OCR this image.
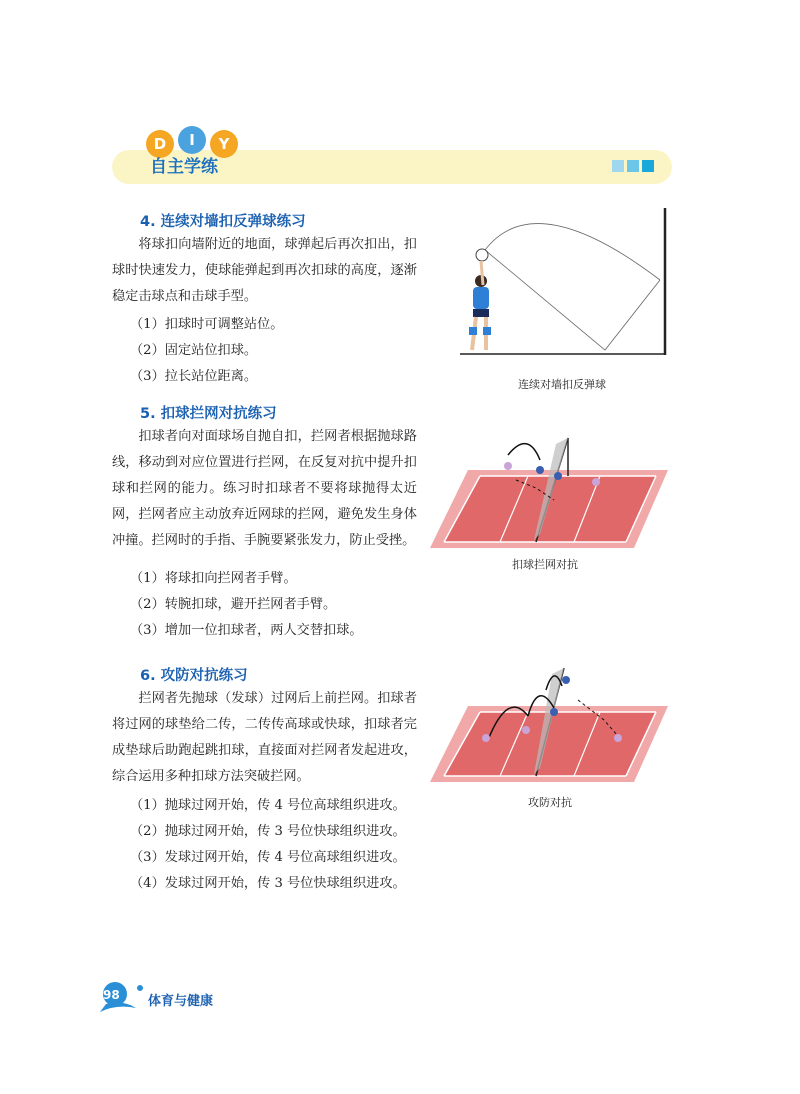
D I Y
自主学练
4. 连续对墙扣反弹球练习

将球扣向墙附近的地面，球弹起后再次扣出，扣球时快速发力，使球能弹起到再次扣球的高度，逐渐稳定击球点和击球手型。

（1）扣球时可调整站位。

（2）固定站位扣球。

（3）拉长站位距离。

连续对墙扣反弹球
5. 扣球拦网对抗练习

扣球者向对面球场自抛自扣，拦网者根据抛球路线，移动到对应位置进行拦网，在反复对抗中提升扣球和拦网的能力。练习时扣球者不要将球抛得太近网，拦网者应主动放弃近网球的拦网，避免发生身体冲撞。拦网时的手指、手腕要紧张发力，防止受挫。

（1）将球扣向拦网者手臂。

（2）转腕扣球，避开拦网者手臂。

（3）增加一位扣球者，两人交替扣球。

扣球拦网对抗
6. 攻防对抗练习

拦网者先抛球（发球）过网后上前拦网。扣球者将过网的球垫给二传，二传传高球或快球，扣球者完成垫球后助跑起跳扣球，直接面对拦网者发起进攻，综合运用多种扣球方法突破拦网。

（1）抛球过网开始，传 4 号位高球组织进攻。

（2）抛球过网开始，传 3 号位快球组织进攻。

（3）发球过网开始，传 4 号位高球组织进攻。

（4）发球过网开始，传 3 号位快球组织进攻。

攻防对抗
98 体育与健康
